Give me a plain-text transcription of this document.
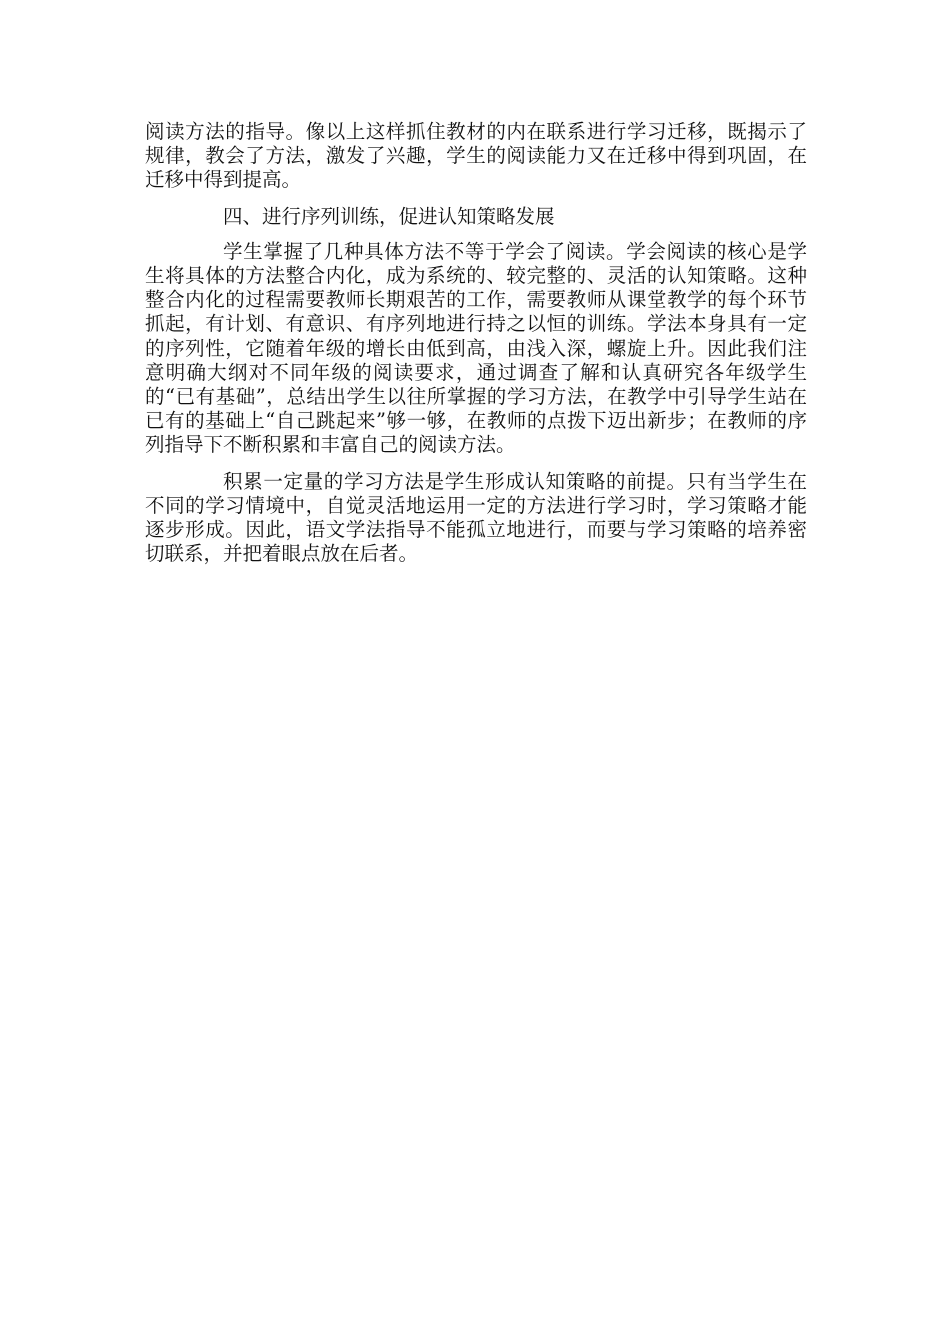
阅读方法的指导。像以上这样抓住教材的内在联系进行学习迁移，既揭示了规律，教会了方法，激发了兴趣，学生的阅读能力又在迁移中得到巩固，在迁移中得到提高。

四、进行序列训练，促进认知策略发展

学生掌握了几种具体方法不等于学会了阅读。学会阅读的核心是学生将具体的方法整合内化，成为系统的、较完整的、灵活的认知策略。这种整合内化的过程需要教师长期艰苦的工作，需要教师从课堂教学的每个环节抓起，有计划、有意识、有序列地进行持之以恒的训练。学法本身具有一定的序列性，它随着年级的增长由低到高，由浅入深，螺旋上升。因此我们注意明确大纲对不同年级的阅读要求，通过调查了解和认真研究各年级学生的“已有基础”，总结出学生以往所掌握的学习方法，在教学中引导学生站在已有的基础上“自己跳起来”够一够，在教师的点拨下迈出新步；在教师的序列指导下不断积累和丰富自己的阅读方法。

积累一定量的学习方法是学生形成认知策略的前提。只有当学生在不同的学习情境中，自觉灵活地运用一定的方法进行学习时，学习策略才能逐步形成。因此，语文学法指导不能孤立地进行，而要与学习策略的培养密切联系，并把着眼点放在后者。
